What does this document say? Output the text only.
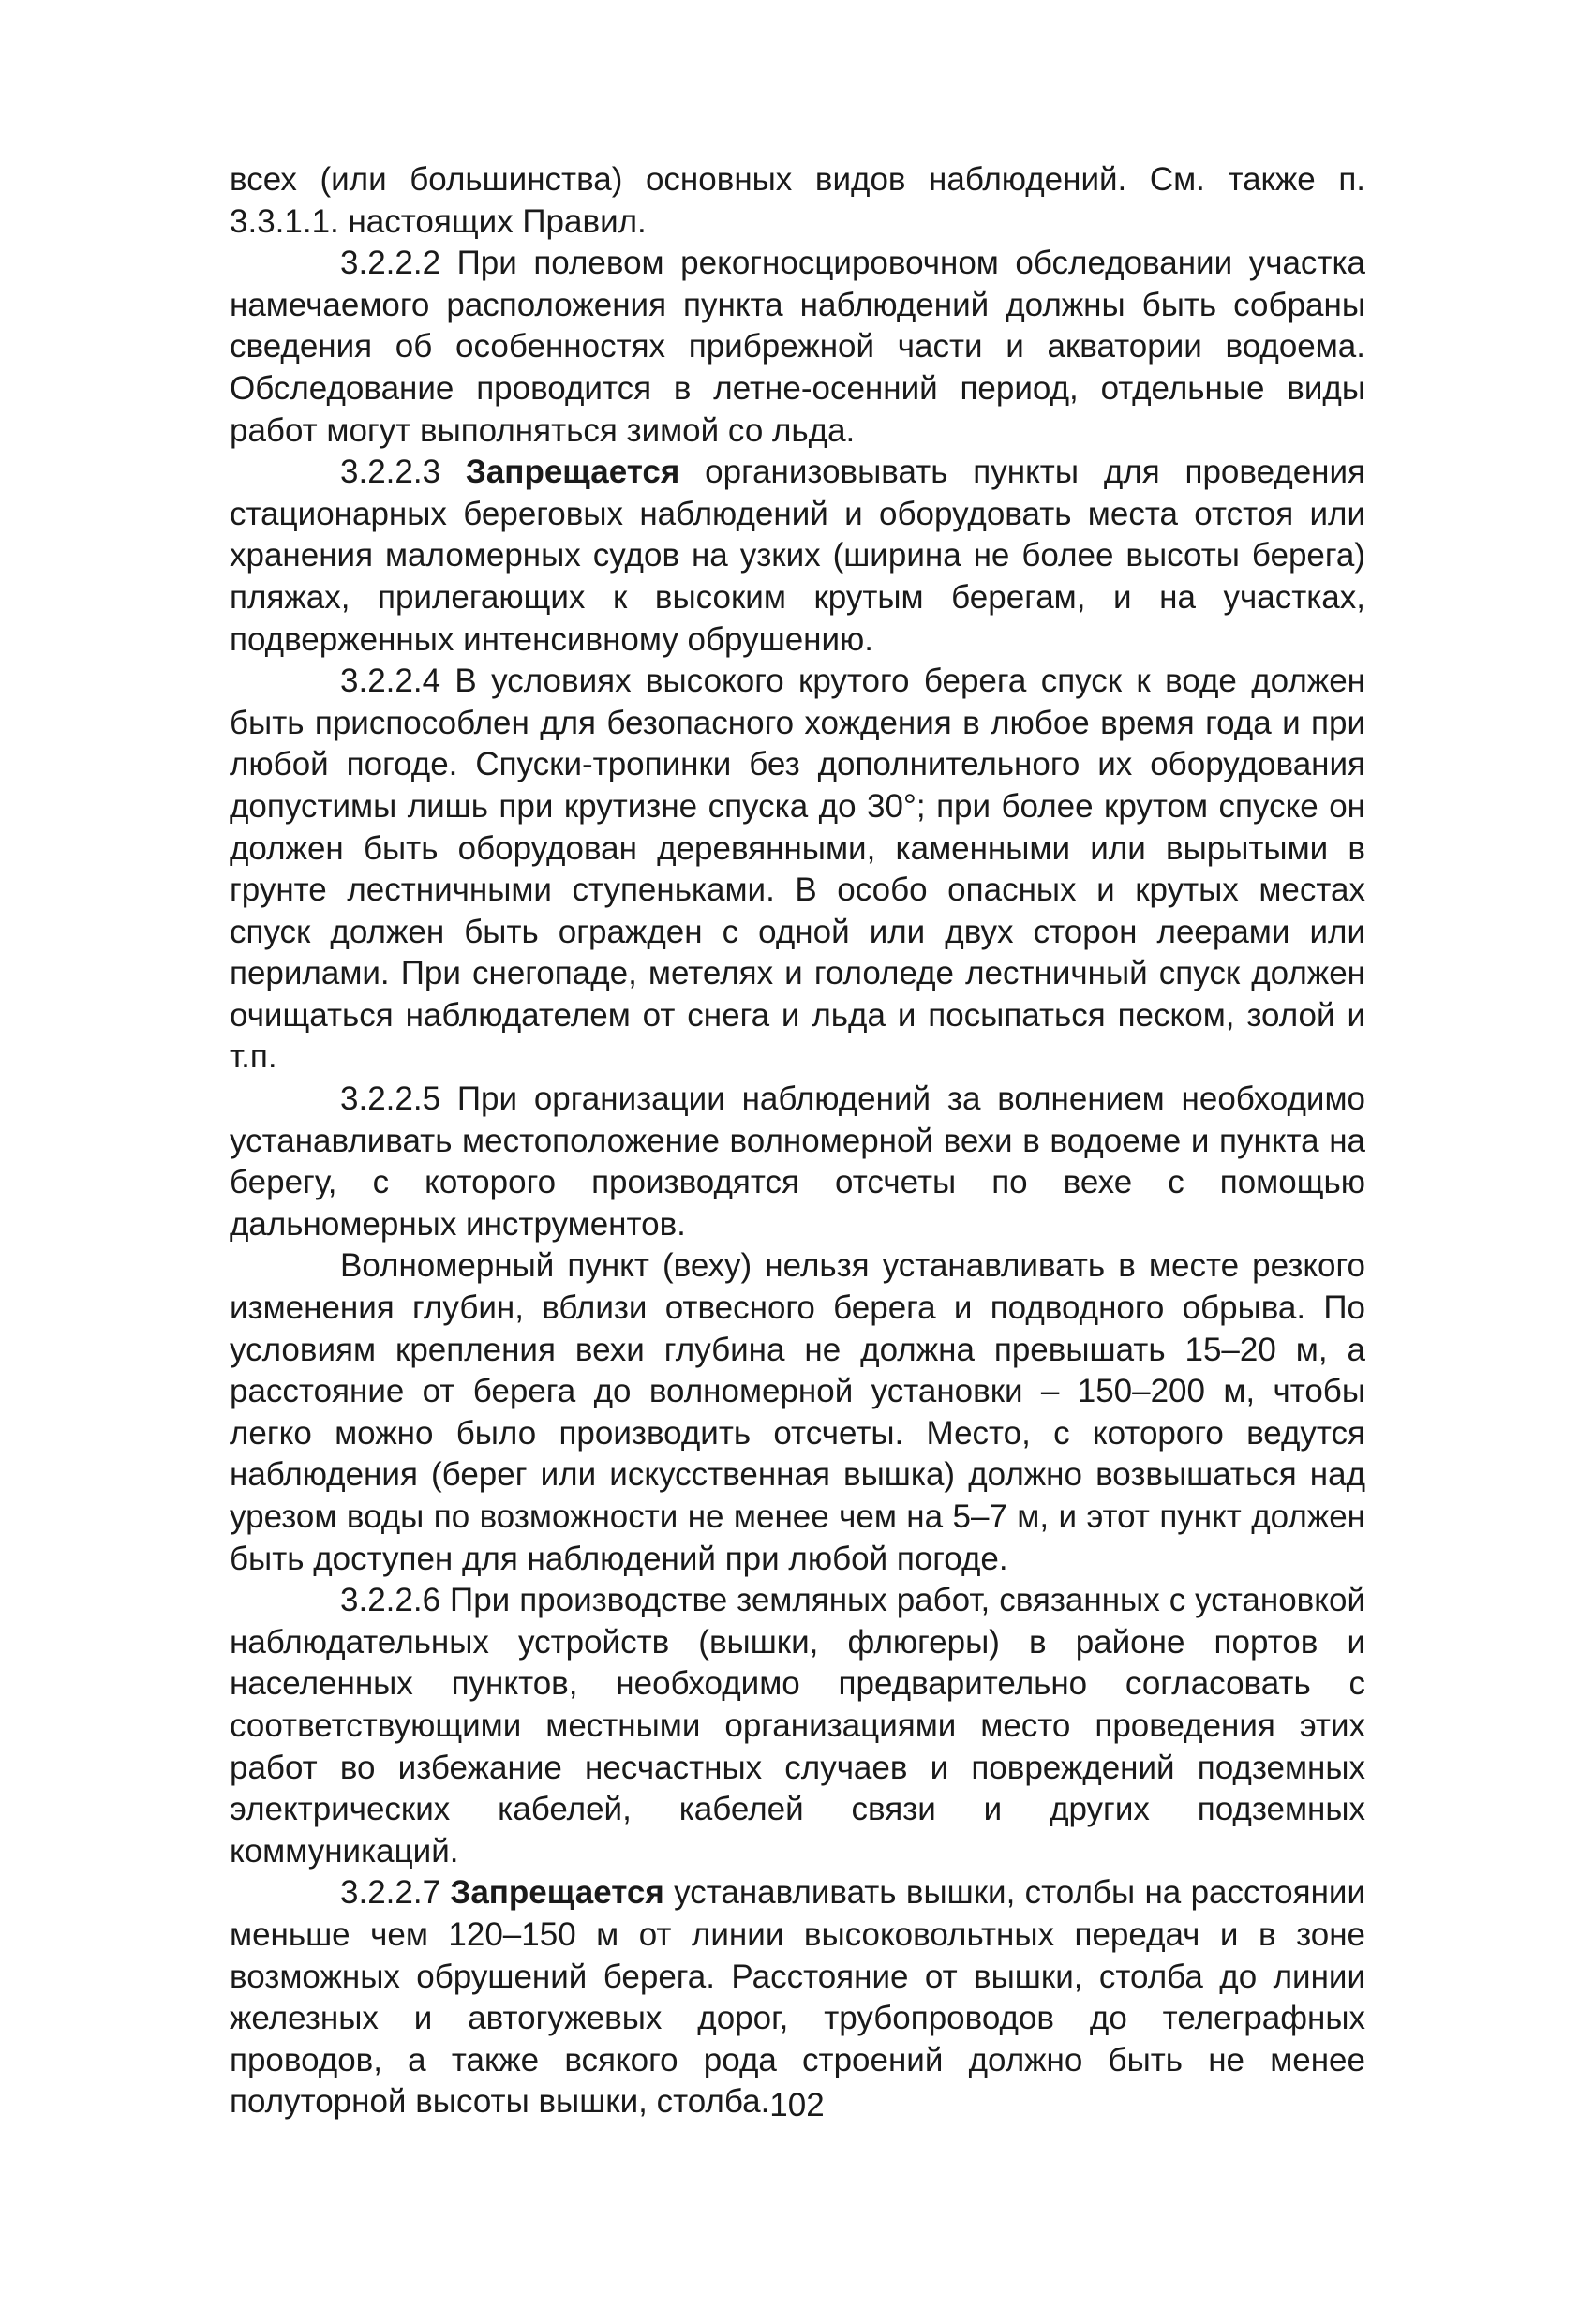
всех (или большинства) основных видов наблюдений. См. также п. 3.3.1.1. настоящих Правил.

3.2.2.2 При полевом рекогносцировочном обследовании участка намечаемого расположения пункта наблюдений должны быть собраны сведения об особенностях прибрежной части и акватории водоема. Обследование проводится в летне-осенний период, отдельные виды работ могут выполняться зимой со льда.

3.2.2.3 Запрещается организовывать пункты для проведения стационарных береговых наблюдений и оборудовать места отстоя или хранения маломерных судов на узких (ширина не более высоты берега) пляжах, прилегающих к высоким крутым берегам, и на участках, подверженных интенсивному обрушению.

3.2.2.4 В условиях высокого крутого берега спуск к воде должен быть приспособлен для безопасного хождения в любое время года и при любой погоде. Спуски-тропинки без дополнительного их оборудования допустимы лишь при крутизне спуска до 30°; при более крутом спуске он должен быть оборудован деревянными, каменными или вырытыми в грунте лестничными ступеньками. В особо опасных и крутых местах спуск должен быть огражден с одной или двух сторон леерами или перилами. При снегопаде, метелях и гололеде лестничный спуск должен очищаться наблюдателем от снега и льда и посыпаться песком, золой и т.п.

3.2.2.5 При организации наблюдений за волнением необходимо устанавливать местоположение волномерной вехи в водоеме и пункта на берегу, с которого производятся отсчеты по вехе с помощью дальномерных инструментов.

Волномерный пункт (веху) нельзя устанавливать в месте резкого изменения глубин, вблизи отвесного берега и подводного обрыва. По условиям крепления вехи глубина не должна превышать 15–20 м, а расстояние от берега до волномерной установки – 150–200 м, чтобы легко можно было производить отсчеты. Место, с которого ведутся наблюдения (берег или искусственная вышка) должно возвышаться над урезом воды по возможности не менее чем на 5–7 м, и этот пункт должен быть доступен для наблюдений при любой погоде.

3.2.2.6 При производстве земляных работ, связанных с установкой наблюдательных устройств (вышки, флюгеры) в районе портов и населенных пунктов, необходимо предварительно согласовать с соответствующими местными организациями место проведения этих работ во избежание несчастных случаев и повреждений подземных электрических кабелей, кабелей связи и других подземных коммуникаций.

3.2.2.7 Запрещается устанавливать вышки, столбы на расстоянии меньше чем 120–150 м от линии высоковольтных передач и в зоне возможных обрушений берега. Расстояние от вышки, столба до линии железных и автогужевых дорог, трубопроводов до телеграфных проводов, а также всякого рода строений должно быть не менее полуторной высоты вышки, столба. 102
